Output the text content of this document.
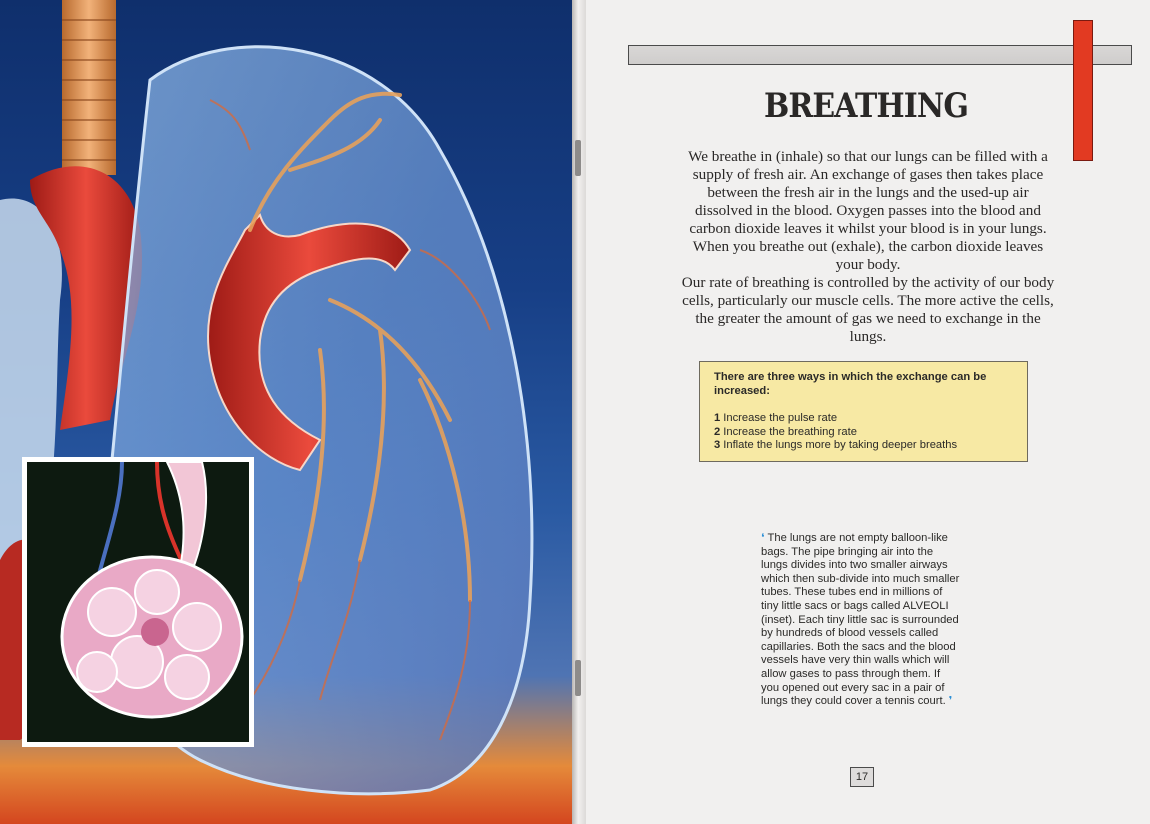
BREATHING

We breathe in (inhale) so that our lungs can be filled with a supply of fresh air. An exchange of gases then takes place between the fresh air in the lungs and the used-up air dissolved in the blood. Oxygen passes into the blood and carbon dioxide leaves it whilst your blood is in your lungs. When you breathe out (exhale), the carbon dioxide leaves your body.

Our rate of breathing is controlled by the activity of our body cells, particularly our muscle cells. The more active the cells, the greater the amount of gas we need to exchange in the lungs.

There are three ways in which the exchange can be increased:
1 Increase the pulse rate
2 Increase the breathing rate
3 Inflate the lungs more by taking deeper breaths
❛ The lungs are not empty balloon-like bags. The pipe bringing air into the lungs divides into two smaller airways which then sub-divide into much smaller tubes. These tubes end in millions of tiny little sacs or bags called ALVEOLI (inset). Each tiny little sac is surrounded by hundreds of blood vessels called capillaries. Both the sacs and the blood vessels have very thin walls which will allow gases to pass through them. If you opened out every sac in a pair of lungs they could cover a tennis court. ❜
17
